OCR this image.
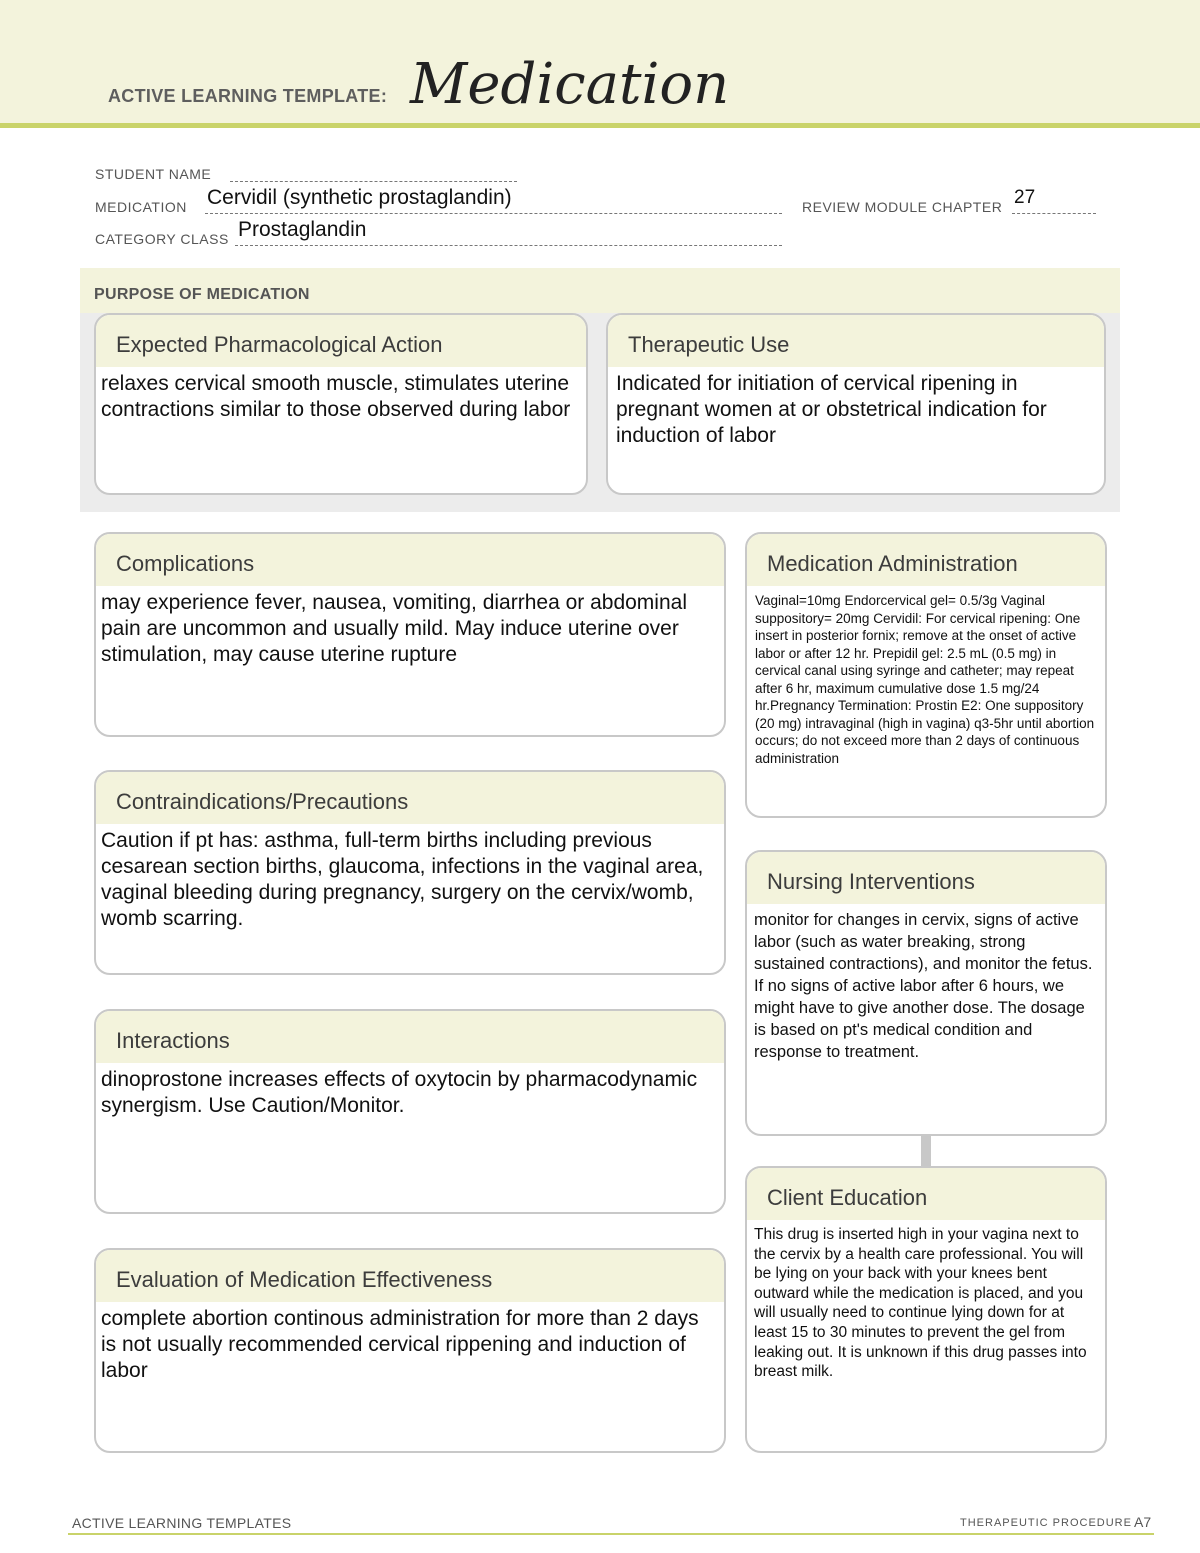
ACTIVE LEARNING TEMPLATE: Medication
STUDENT NAME
MEDICATION Cervidil (synthetic prostaglandin)	REVIEW MODULE CHAPTER 27
CATEGORY CLASS Prostaglandin
PURPOSE OF MEDICATION
Expected Pharmacological Action
relaxes cervical smooth muscle, stimulates uterine contractions similar to those observed during labor
Therapeutic Use
Indicated for initiation of cervical ripening in pregnant women at or obstetrical indication for induction of labor
Complications
may experience fever, nausea, vomiting, diarrhea or abdominal pain are uncommon and usually mild. May induce uterine over stimulation, may cause uterine rupture
Contraindications/Precautions
Caution if pt has: asthma, full-term births including previous cesarean section births, glaucoma, infections in the vaginal area, vaginal bleeding during pregnancy, surgery on the cervix/womb, womb scarring.
Interactions
dinoprostone increases effects of oxytocin by pharmacodynamic synergism. Use Caution/Monitor.
Evaluation of Medication Effectiveness
complete abortion continous administration for more than 2 days is not usually recommended cervical rippening and induction of labor
Medication Administration
Vaginal=10mg Endorcervical gel= 0.5/3g Vaginal suppository= 20mg Cervidil: For cervical ripening: One insert in posterior fornix; remove at the onset of active labor or after 12 hr. Prepidil gel: 2.5 mL (0.5 mg) in cervical canal using syringe and catheter; may repeat after 6 hr, maximum cumulative dose 1.5 mg/24 hr.Pregnancy Termination: Prostin E2: One suppository (20 mg) intravaginal (high in vagina) q3-5hr until abortion occurs; do not exceed more than 2 days of continuous administration
Nursing Interventions
monitor for changes in cervix, signs of active labor (such as water breaking, strong sustained contractions), and monitor the fetus. If no signs of active labor after 6 hours, we might have to give another dose. The dosage is based on pt's medical condition and response to treatment.
Client Education
This drug is inserted high in your vagina next to the cervix by a health care professional. You will be lying on your back with your knees bent outward while the medication is placed, and you will usually need to continue lying down for at least 15 to 30 minutes to prevent the gel from leaking out. It is unknown if this drug passes into breast milk.
ACTIVE LEARNING TEMPLATES	THERAPEUTIC PROCEDURE A7
